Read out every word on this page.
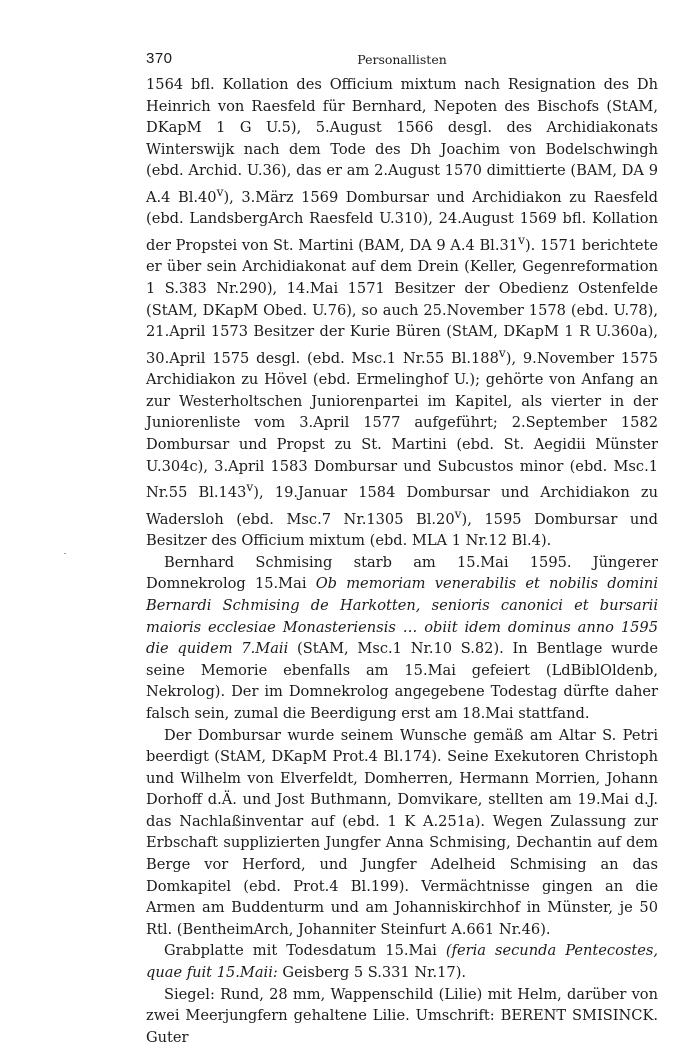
370	Personallisten

1564 bfl. Kollation des Officium mixtum nach Resignation des Dh Heinrich von Raesfeld für Bernhard, Nepoten des Bischofs (StAM, DKapM 1 G U.5), 5.August 1566 desgl. des Archidiakonats Winterswijk nach dem Tode des Dh Joachim von Bodelschwingh (ebd. Archid. U.36), das er am 2.August 1570 dimittierte (BAM, DA 9 A.4 Bl.40$^v$), 3.März 1569 Dombursar und Archidiakon zu Raesfeld (ebd. LandsbergArch Raesfeld U.310), 24.August 1569 bfl. Kollation der Propstei von St. Martini (BAM, DA 9 A.4 Bl.31$^v$). 1571 berichtete er über sein Archidiakonat auf dem Drein (Keller, Gegenreformation 1 S.383 Nr.290), 14.Mai 1571 Besitzer der Obedienz Ostenfelde (StAM, DKapM Obed. U.76), so auch 25.November 1578 (ebd. U.78), 21.April 1573 Besitzer der Kurie Büren (StAM, DKapM 1 R U.360a), 30.April 1575 desgl. (ebd. Msc.1 Nr.55 Bl.188$^v$), 9.November 1575 Archidiakon zu Hövel (ebd. Ermelinghof U.); gehörte von Anfang an zur Westerholtschen Juniorenpartei im Kapitel, als vierter in der Juniorenliste vom 3.April 1577 aufgeführt; 2.September 1582 Dombursar und Propst zu St. Martini (ebd. St. Aegidii Münster U.304c), 3.April 1583 Dombursar und Subcustos minor (ebd. Msc.1 Nr.55 Bl.143$^v$), 19.Januar 1584 Dombursar und Archidiakon zu Wadersloh (ebd. Msc.7 Nr.1305 Bl.20$^v$), 1595 Dombursar und Besitzer des Officium mixtum (ebd. MLA 1 Nr.12 Bl.4).

Bernhard Schmising starb am 15.Mai 1595. Jüngerer Domnekrolog 15.Mai Ob memoriam venerabilis et nobilis domini Bernardi Schmising de Harkotten, senioris canonici et bursarii maioris ecclesiae Monasteriensis … obiit idem dominus anno 1595 die quidem 7.Maii (StAM, Msc.1 Nr.10 S.82). In Bentlage wurde seine Memorie ebenfalls am 15.Mai gefeiert (LdBiblOldenb, Nekrolog). Der im Domnekrolog angegebene Todestag dürfte daher falsch sein, zumal die Beerdigung erst am 18.Mai stattfand.

Der Dombursar wurde seinem Wunsche gemäß am Altar S. Petri beerdigt (StAM, DKapM Prot.4 Bl.174). Seine Exekutoren Christoph und Wilhelm von Elverfeldt, Domherren, Hermann Morrien, Johann Dorhoff d.Ä. und Jost Buthmann, Domvikare, stellten am 19.Mai d.J. das Nachlaßinventar auf (ebd. 1 K A.251a). Wegen Zulassung zur Erbschaft supplizierten Jungfer Anna Schmising, Dechantin auf dem Berge vor Herford, und Jungfer Adelheid Schmising an das Domkapitel (ebd. Prot.4 Bl.199). Vermächtnisse gingen an die Armen am Buddenturm und am Johanniskirchhof in Münster, je 50 Rtl. (BentheimArch, Johanniter Steinfurt A.661 Nr.46).

Grabplatte mit Todesdatum 15.Mai (feria secunda Pentecostes, quae fuit 15.Maii: Geisberg 5 S.331 Nr.17).

Siegel: Rund, 28 mm, Wappenschild (Lilie) mit Helm, darüber von zwei Meerjungfern gehaltene Lilie. Umschrift: BERENT SMISINCK. Guter
